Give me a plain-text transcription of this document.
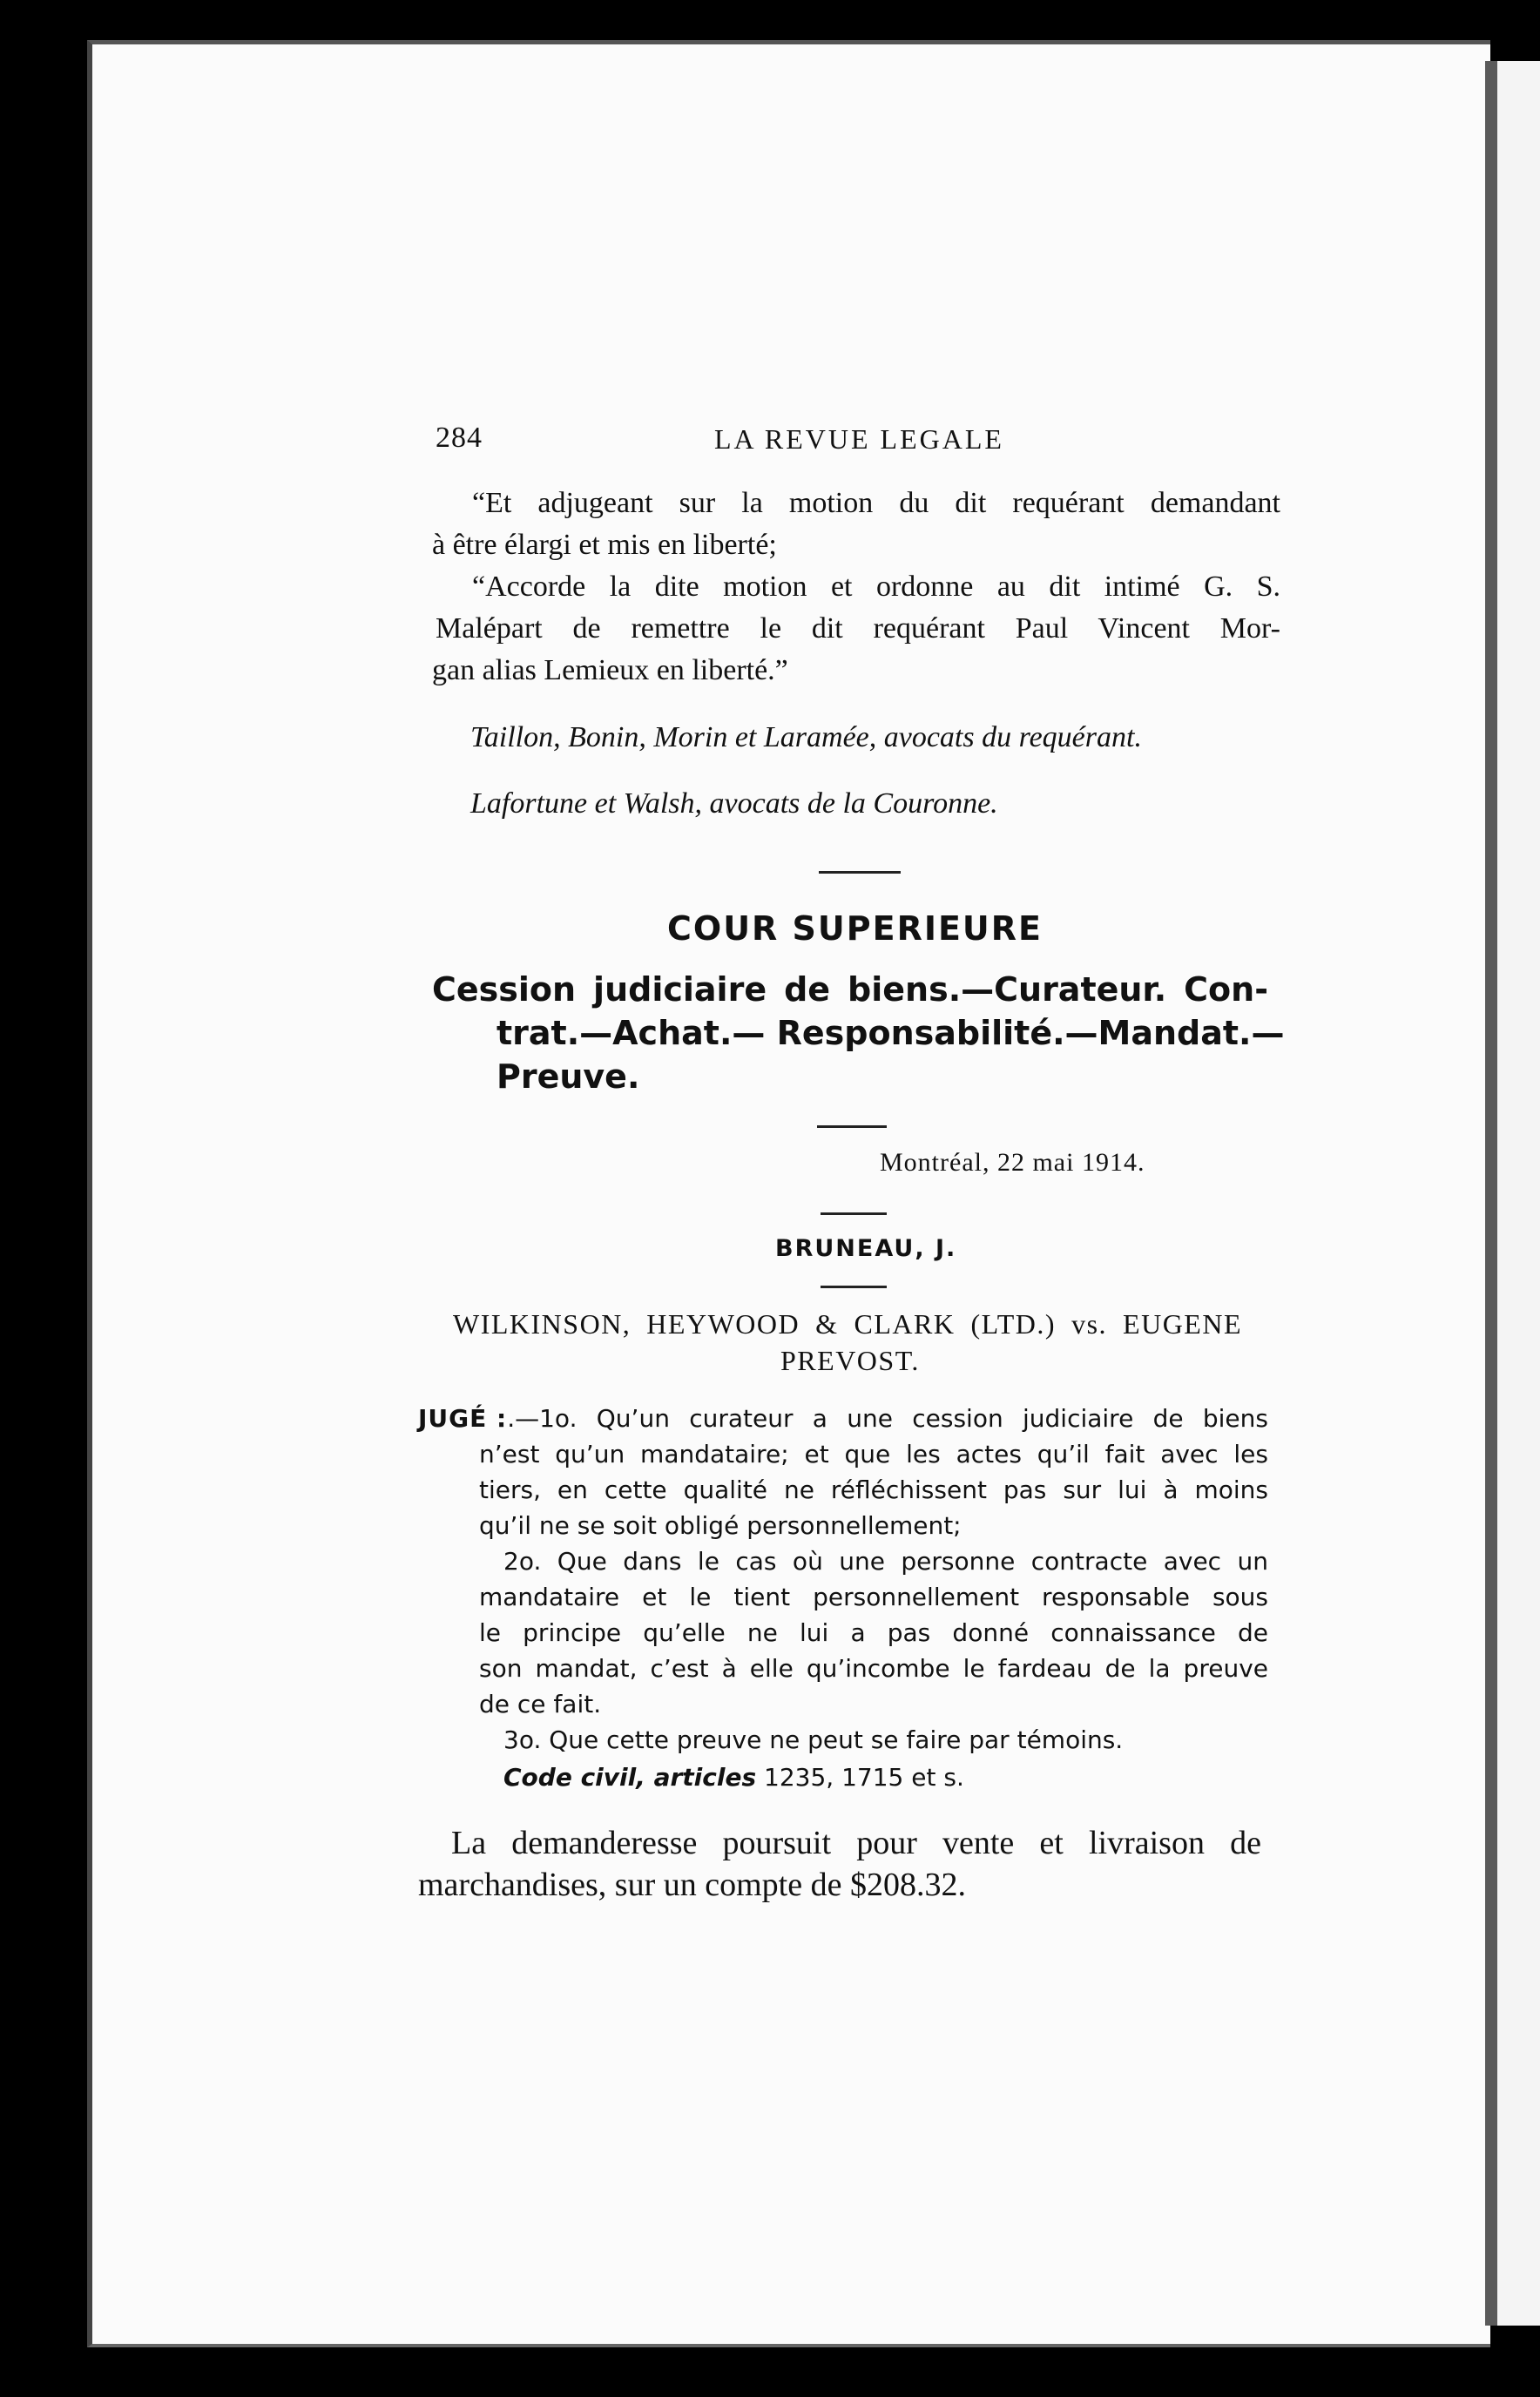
284	LA REVUE LEGALE
“Et adjugeant sur la motion du dit requérant demandant
à être élargi et mis en liberté;
“Accorde la dite motion et ordonne au dit intimé G. S.
Malépart de remettre le dit requérant Paul Vincent Mor-
gan alias Lemieux en liberté.”
Taillon, Bonin, Morin et Laramée, avocats du requérant.
Lafortune et Walsh, avocats de la Couronne.
COUR SUPERIEURE
Cession judiciaire de biens.—Curateur. Con-
trat.—Achat.— Responsabilité.—Mandat.—
Preuve.
Montréal, 22 mai 1914.
BRUNEAU, J.
WILKINSON, HEYWOOD & CLARK (LTD.) vs. EUGENE
PREVOST.
JUGÉ : .—1o. Qu’un curateur a une cession judiciaire de biens
n’est qu’un mandataire; et que les actes qu’il fait avec les
tiers, en cette qualité ne réfléchissent pas sur lui à moins
qu’il ne se soit obligé personnellement;
2o. Que dans le cas où une personne contracte avec un
mandataire et le tient personnellement responsable sous
le principe qu’elle ne lui a pas donné connaissance de
son mandat, c’est à elle qu’incombe le fardeau de la preuve
de ce fait.
3o. Que cette preuve ne peut se faire par témoins.
Code civil, articles 1235, 1715 et s.
La demanderesse poursuit pour vente et livraison de
marchandises, sur un compte de $208.32.
